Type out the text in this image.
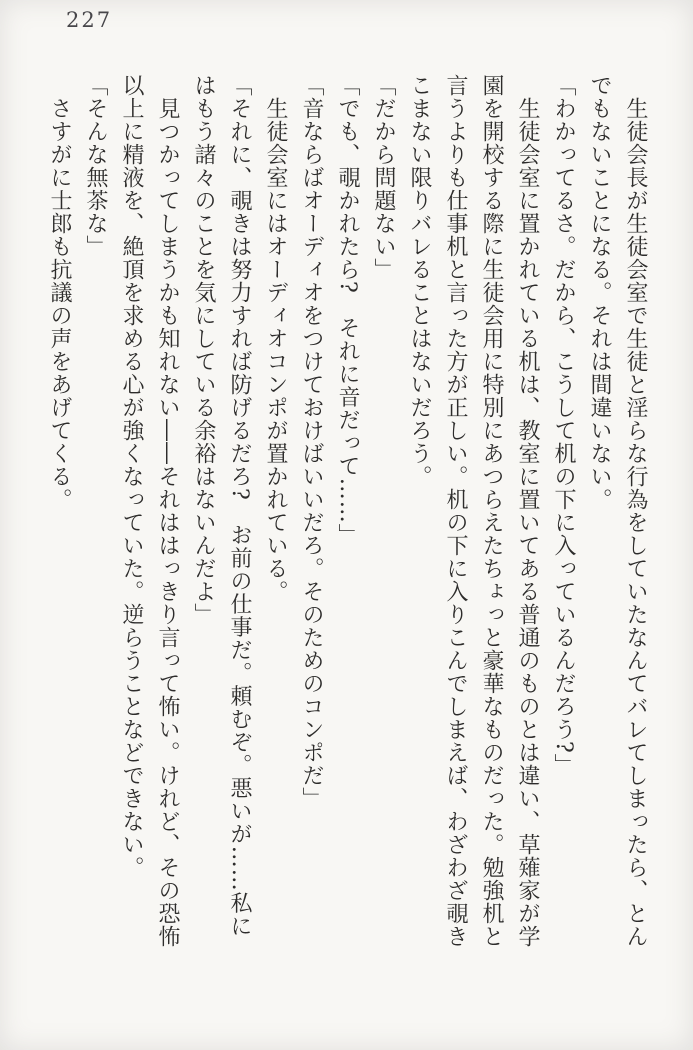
227

生徒会長が生徒会室で生徒と淫らな行為をしていたなんてバレてしまったら、とんでもないことになる。それは間違いない。

「わかってるさ。だから、こうして机の下に入っているんだろう?」

生徒会室に置かれている机は、教室に置いてある普通のものとは違い、草薙家が学園を開校する際に生徒会用に特別にあつらえたちょっと豪華なものだった。勉強机と言うよりも仕事机と言った方が正しい。机の下に入りこんでしまえば、わざわざ覗きこまない限りバレることはないだろう。

「だから問題ない」

「でも、覗かれたら?　それに音だって……」

「音ならばオーディオをつけておけばいいだろ。そのためのコンポだ」

生徒会室にはオーディオコンポが置かれている。

「それに、覗きは努力すれば防げるだろ?　お前の仕事だ。頼むぞ。悪いが……私にはもう諸々のことを気にしている余裕はないんだよ」

見つかってしまうかも知れない――それははっきり言って怖い。けれど、その恐怖以上に精液を、絶頂を求める心が強くなっていた。逆らうことなどできない。

「そんな無茶な」

さすがに士郎も抗議の声をあげてくる。
